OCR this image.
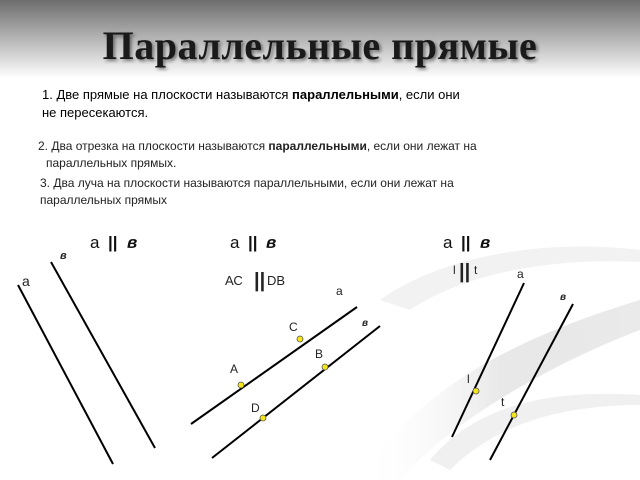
Параллельные прямые
1. Две прямые на плоскости называются параллельными, если они
не пересекаются.
2. Два отрезка на плоскости называются параллельными, если они лежат на
параллельных прямых.
3. Два луча на плоскости называются параллельными, если они лежат на
параллельных прямых
а || в
а
в
а || в
АС || DB
а
в
C
A
B
D
а || в
l || t	а
в
l
t
